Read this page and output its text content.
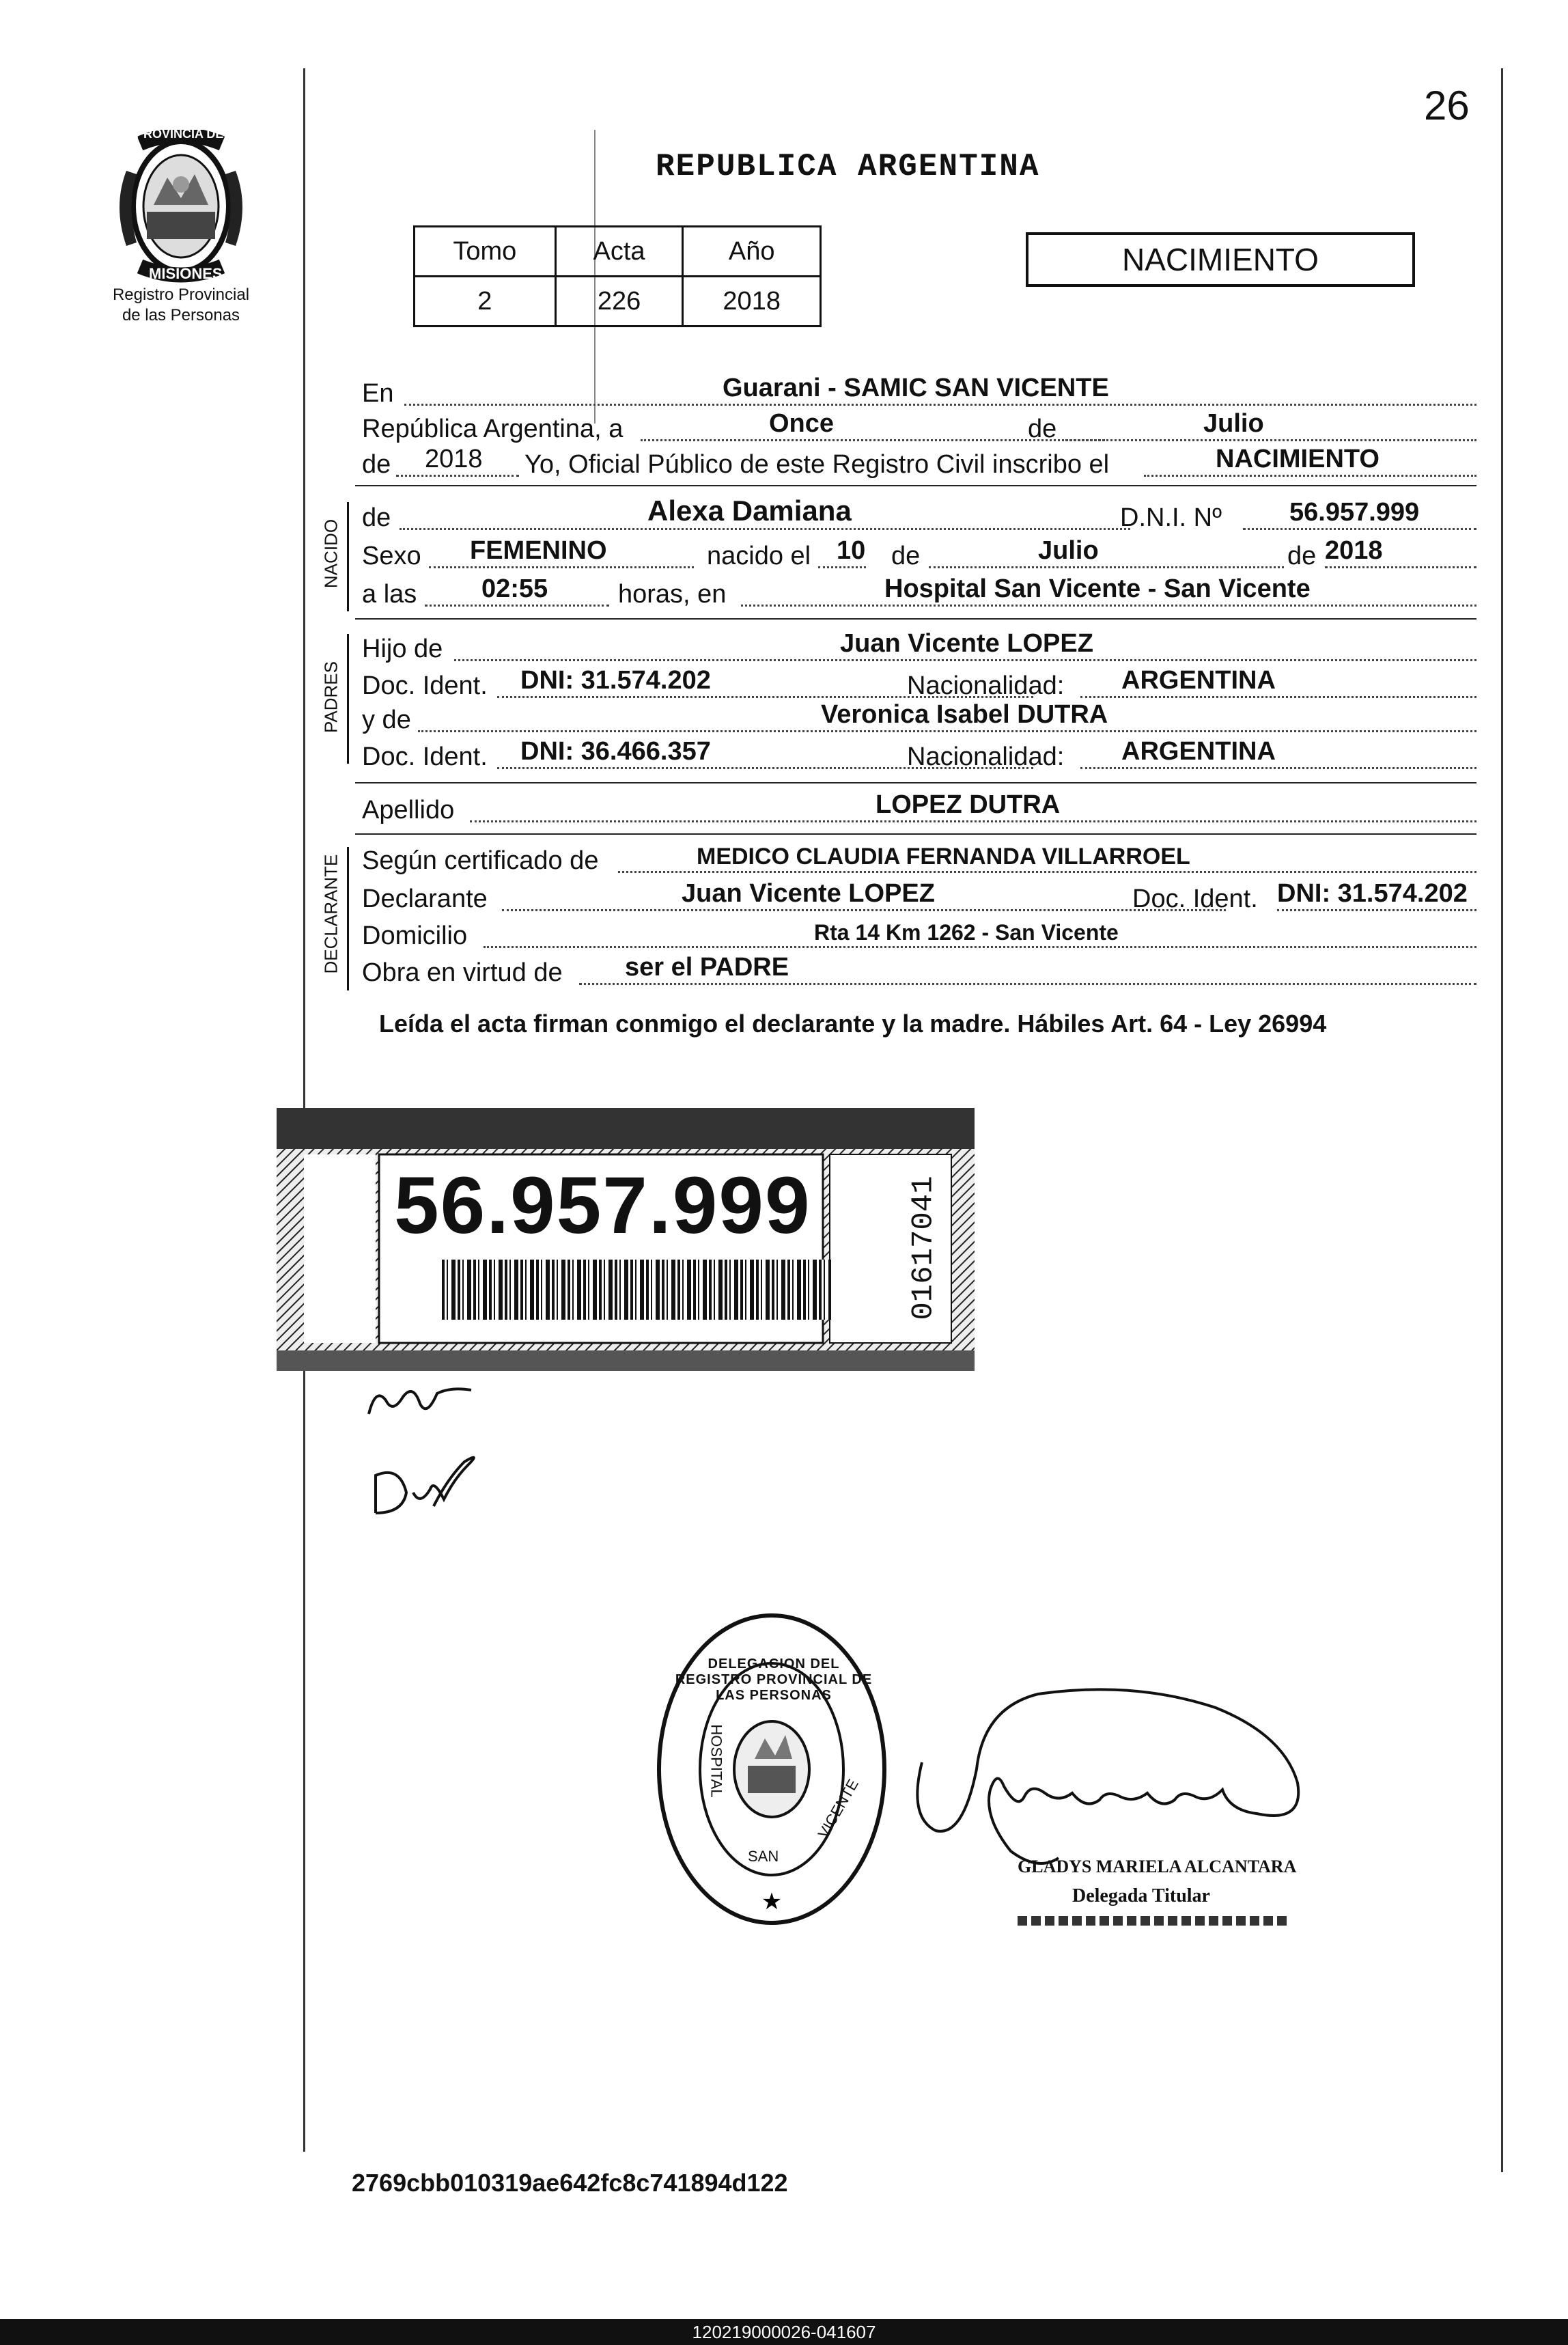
26
PROVINCIA DE
MISIONES
Registro Provincial
de las Personas
REPUBLICA ARGENTINA
Tomo	Acta	Año
2	226	2018
NACIMIENTO
En	Guarani - SAMIC SAN VICENTE
República Argentina, a	Once	de	Julio
de 2018 Yo, Oficial Público de este Registro Civil inscribo el	NACIMIENTO
NACIDO
de	Alexa Damiana	D.N.I. Nº	56.957.999
Sexo FEMENINO	nacido el 10 de	Julio	de 2018
a las 02:55	horas, en	Hospital San Vicente - San Vicente
PADRES
Hijo de	Juan Vicente LOPEZ
Doc. Ident. DNI: 31.574.202	Nacionalidad: ARGENTINA
y de	Veronica Isabel DUTRA
Doc. Ident. DNI: 36.466.357	Nacionalidad: ARGENTINA
Apellido	LOPEZ DUTRA
DECLARANTE Según certificado de	MEDICO CLAUDIA FERNANDA VILLARROEL
Declarante	Juan Vicente LOPEZ	Doc. Ident. DNI: 31.574.202
Domicilio	Rta 14 Km 1262 - San Vicente
Obra en virtud de ser el PADRE
Leída el acta firman conmigo el declarante y la madre. Hábiles Art. 64 - Ley 26994
56.957.999	01617041
★
DELEGACION DEL REGISTRO PROVINCIAL DE LAS PERSONAS
HOSPITAL
SAN
VICENTE
GLADYS MARIELA ALCANTARA
Delegada Titular
2769cbb010319ae642fc8c741894d122
120219000026-041607
